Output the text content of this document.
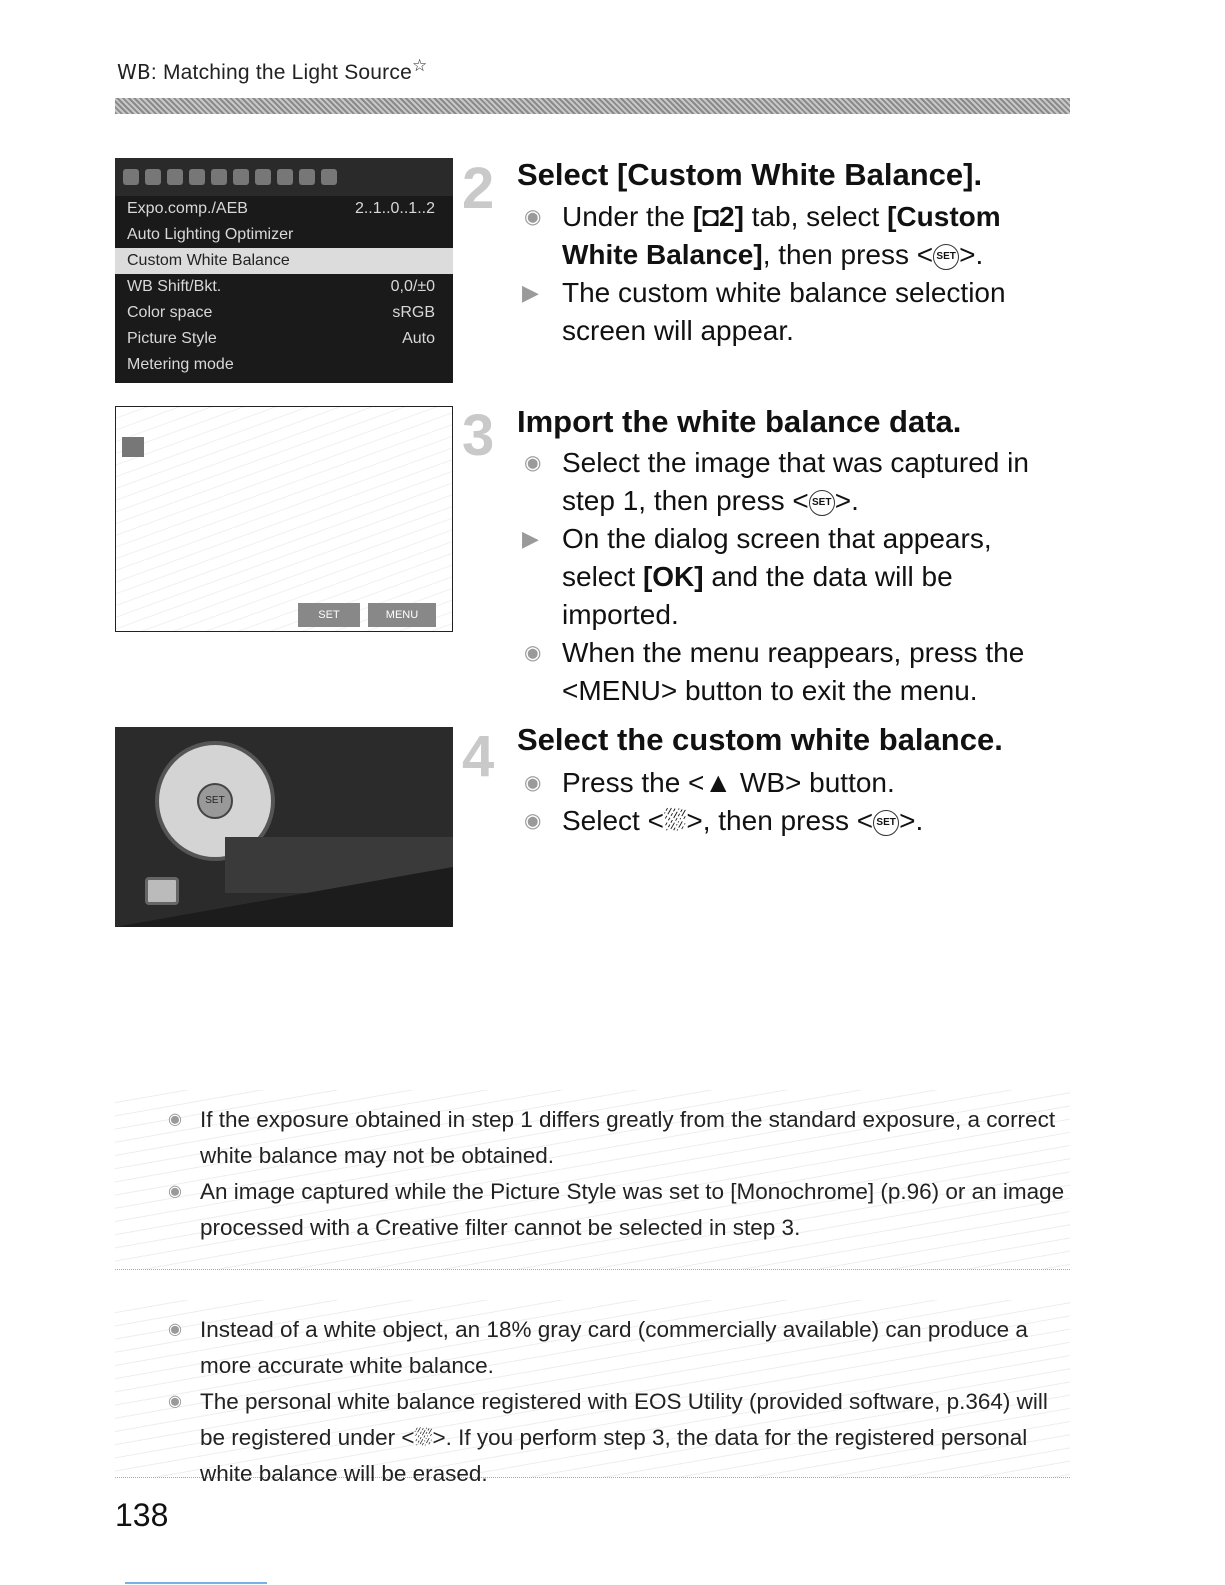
WB: Matching the Light Source☆
Expo.comp./AEB	2..1..0..1..2
Auto Lighting Optimizer
Custom White Balance
WB Shift/Bkt.	0,0/±0
Color space	sRGB
Picture Style	Auto
Metering mode
SET	MENU
SET
2 Select [Custom White Balance].
◉ Under the [◘2] tab, select [Custom White Balance], then press < SET >.
▶ The custom white balance selection screen will appear.
3 Import the white balance data.
◉ Select the image that was captured in step 1, then press < SET >.
▶ On the dialog screen that appears, select [OK] and the data will be imported.
◉ When the menu reappears, press the <MENU> button to exit the menu.
4 Select the custom white balance.
◉ Press the <▲ WB> button.
◉ Select <⛆>, then press < SET >.
◉ If the exposure obtained in step 1 differs greatly from the standard exposure, a correct white balance may not be obtained.
◉ An image captured while the Picture Style was set to [Monochrome] (p.96) or an image processed with a Creative filter cannot be selected in step 3.
◉ Instead of a white object, an 18% gray card (commercially available) can produce a more accurate white balance.
◉ The personal white balance registered with EOS Utility (provided software, p.364) will be registered under <⛆>. If you perform step 3, the data for the registered personal white balance will be erased.
138
